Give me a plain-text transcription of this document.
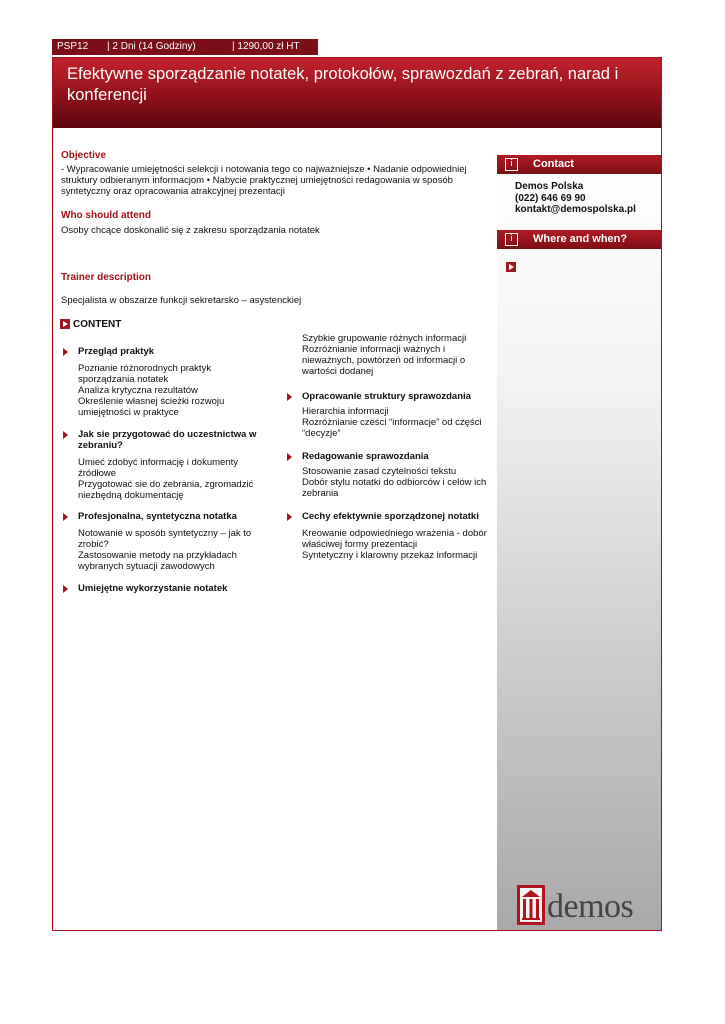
PSP12 | 2 Dni (14 Godziny)	| 1290,00 zł HT
Efektywne sporządzanie notatek, protokołów, sprawozdań z zebrań, narad i konferencji
i	Contact
Demos Polska
(022) 646 69 90
kontakt@demospolska.pl
i	Where and when?
Objective
- Wypracowanie umiejętności selekcji i notowania tego co najważniejsze • Nadanie odpowiedniej
struktury odbieranym informacjom • Nabycie praktycznej umiejętności redagowania w sposób
syntetyczny oraz opracowania atrakcyjnej prezentacji
Who should attend
Osoby chcące doskonalić się z zakresu sporządzania notatek
Trainer description
Specjalista w obszarze funkcji sekretarsko – asystenckiej
CONTENT
Przegląd praktyk
Poznanie różnorodnych praktyk
sporządzania notatek
Analiza krytyczna rezultatów
Określenie własnej ścieżki rozwoju
umiejętności w praktyce
Jak sie przygotować do uczestnictwa w zebraniu?
Umieć zdobyć informację i dokumenty
źródłowe
Przygotować sie do zebrania, zgromadzić
niezbędną dokumentację
Profesjonalna, syntetyczna notatka
Notowanie w sposób syntetyczny – jak to
zrobić?
Zastosowanie metody na przykładach
wybranych sytuacji zawodowych
Umiejętne wykorzystanie notatek
Szybkie grupowanie różnych informacji
Rozróżnianie informacji ważnych i
nieważnych, powtórzeń od informacji o
wartości dodanej
Opracowanie struktury sprawozdania
Hierarchia informacji
Rozróżnianie cześci “informacje” od części
“decyzje”
Redagowanie sprawozdania
Stosowanie zasad czytelności tekstu
Dobór stylu notatki do odbiorców i celów ich
zebrania
Cechy efektywnie sporządzonej notatki
Kreowanie odpowiedniego wrażenia - dobór
właściwej formy prezentacji
Syntetyczny i klarowny przekaz informacji
demos
